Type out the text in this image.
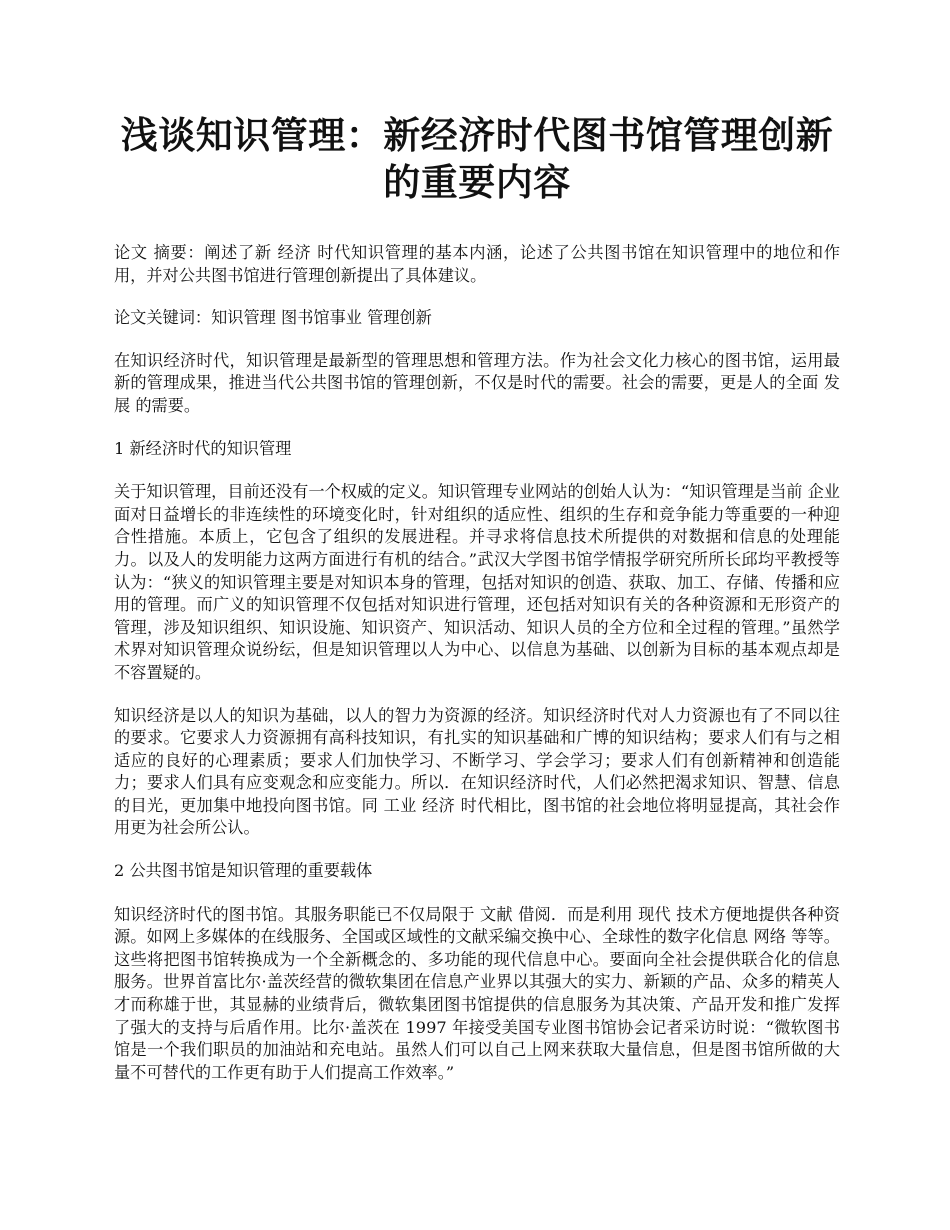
浅谈知识管理：新经济时代图书馆管理创新
的重要内容

论文 摘要：阐述了新 经济 时代知识管理的基本内涵，论述了公共图书馆在知识管理中的地位和作用，并对公共图书馆进行管理创新提出了具体建议。

论文关键词：知识管理 图书馆事业 管理创新

在知识经济时代，知识管理是最新型的管理思想和管理方法。作为社会文化力核心的图书馆，运用最新的管理成果，推进当代公共图书馆的管理创新，不仅是时代的需要。社会的需要，更是人的全面 发展 的需要。

1 新经济时代的知识管理

关于知识管理，目前还没有一个权威的定义。知识管理专业网站的创始人认为：“知识管理是当前 企业 面对日益增长的非连续性的环境变化时，针对组织的适应性、组织的生存和竞争能力等重要的一种迎合性措施。本质上，它包含了组织的发展进程。并寻求将信息技术所提供的对数据和信息的处理能力。以及人的发明能力这两方面进行有机的结合。”武汉大学图书馆学情报学研究所所长邱均平教授等认为：“狭义的知识管理主要是对知识本身的管理，包括对知识的创造、获取、加工、存储、传播和应用的管理。而广义的知识管理不仅包括对知识进行管理，还包括对知识有关的各种资源和无形资产的管理，涉及知识组织、知识设施、知识资产、知识活动、知识人员的全方位和全过程的管理。”虽然学术界对知识管理众说纷纭，但是知识管理以人为中心、以信息为基础、以创新为目标的基本观点却是不容置疑的。

知识经济是以人的知识为基础，以人的智力为资源的经济。知识经济时代对人力资源也有了不同以往的要求。它要求人力资源拥有高科技知识，有扎实的知识基础和广博的知识结构；要求人们有与之相适应的良好的心理素质；要求人们加快学习、不断学习、学会学习；要求人们有创新精神和创造能力；要求人们具有应变观念和应变能力。所以．在知识经济时代，人们必然把渴求知识、智慧、信息的目光，更加集中地投向图书馆。同 工业 经济 时代相比，图书馆的社会地位将明显提高，其社会作用更为社会所公认。

2 公共图书馆是知识管理的重要载体

知识经济时代的图书馆。其服务职能已不仅局限于 文献 借阅．而是利用 现代 技术方便地提供各种资源。如网上多媒体的在线服务、全国或区域性的文献采编交换中心、全球性的数字化信息 网络 等等。这些将把图书馆转换成为一个全新概念的、多功能的现代信息中心。要面向全社会提供联合化的信息服务。世界首富比尔·盖茨经营的微软集团在信息产业界以其强大的实力、新颖的产品、众多的精英人才而称雄于世，其显赫的业绩背后，微软集团图书馆提供的信息服务为其决策、产品开发和推广发挥了强大的支持与后盾作用。比尔·盖茨在 1997 年接受美国专业图书馆协会记者采访时说：“微软图书馆是一个我们职员的加油站和充电站。虽然人们可以自己上网来获取大量信息，但是图书馆所做的大量不可替代的工作更有助于人们提高工作效率。”
